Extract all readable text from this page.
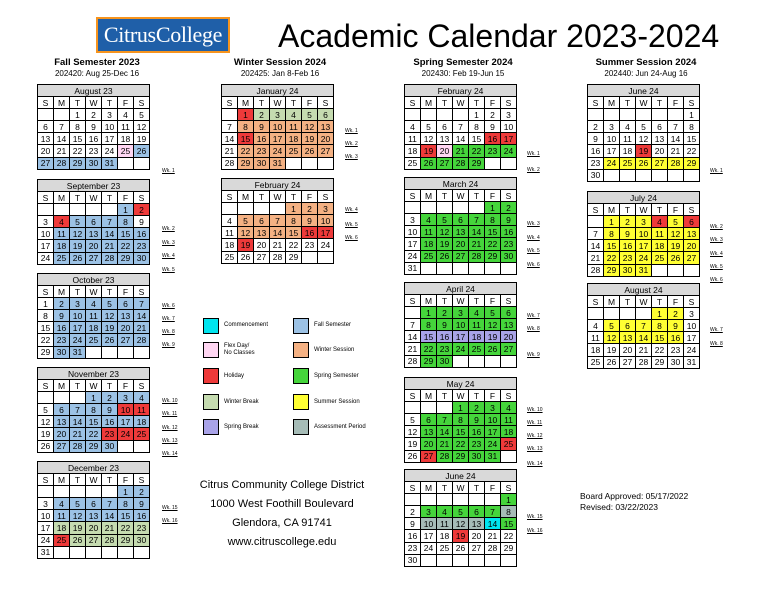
CitrusCollege Academic Calendar 2023-2024
Fall Semester 2023
202420: Aug 25-Dec 16
Winter Session 2024
202425: Jan 8-Feb 16
Spring Semester 2024
202430: Feb 19-Jun 15
Summer Session 2024
202440: Jun 24-Aug 16
August 23						
S	M	T	W	T	F	S
		1	2	3	4	5
6	7	8	9	10	11	12
13	14	15	16	17	18	19
20	21	22	23	24	25	26
27	28	29	30	31		
September 23						
S	M	T	W	T	F	S
					1	2
3	4	5	6	7	8	9
10	11	12	13	14	15	16
17	18	19	20	21	22	23
24	25	26	27	28	29	30
October 23						
S	M	T	W	T	F	S
1	2	3	4	5	6	7
8	9	10	11	12	13	14
15	16	17	18	19	20	21
22	23	24	25	26	27	28
29	30	31				
November 23						
S	M	T	W	T	F	S
			1	2	3	4
5	6	7	8	9	10	11
12	13	14	15	16	17	18
19	20	21	22	23	24	25
26	27	28	29	30		
December 23						
S	M	T	W	T	F	S
					1	2
3	4	5	6	7	8	9
10	11	12	13	14	15	16
17	18	19	20	21	22	23
24	25	26	27	28	29	30
31						
January 24						
S	M	T	W	T	F	S
	1	2	3	4	5	6
7	8	9	10	11	12	13
14	15	16	17	18	19	20
21	22	23	24	25	26	27
28	29	30	31			
February 24						
S	M	T	W	T	F	S
				1	2	3
4	5	6	7	8	9	10
11	12	13	14	15	16	17
18	19	20	21	22	23	24
25	26	27	28	29		
February 24						
S	M	T	W	T	F	S
				1	2	3
4	5	6	7	8	9	10
11	12	13	14	15	16	17
18	19	20	21	22	23	24
25	26	27	28	29		
March 24						
S	M	T	W	T	F	S
					1	2
3	4	5	6	7	8	9
10	11	12	13	14	15	16
17	18	19	20	21	22	23
24	25	26	27	28	29	30
31						
April 24						
S	M	T	W	T	F	S
	1	2	3	4	5	6
7	8	9	10	11	12	13
14	15	16	17	18	19	20
21	22	23	24	25	26	27
28	29	30				
May 24						
S	M	T	W	T	F	S
			1	2	3	4
5	6	7	8	9	10	11
12	13	14	15	16	17	18
19	20	21	22	23	24	25
26	27	28	29	30	31	
June 24						
S	M	T	W	T	F	S
						1
2	3	4	5	6	7	8
9	10	11	12	13	14	15
16	17	18	19	20	21	22
23	24	25	26	27	28	29
30						
June 24						
S	M	T	W	T	F	S
						1
2	3	4	5	6	7	8
9	10	11	12	13	14	15
16	17	18	19	20	21	22
23	24	25	26	27	28	29
30						
July 24						
S	M	T	W	T	F	S
	1	2	3	4	5	6
7	8	9	10	11	12	13
14	15	16	17	18	19	20
21	22	23	24	25	26	27
28	29	30	31			
August 24						
S	M	T	W	T	F	S
				1	2	3
4	5	6	7	8	9	10
11	12	13	14	15	16	17
18	19	20	21	22	23	24
25	26	27	28	29	30	31
Wk. 1
Wk. 2
Wk. 3
Wk. 4
Wk. 5
Wk. 6
Wk. 7
Wk. 8
Wk. 9
Wk. 10
Wk. 11
Wk. 12
Wk. 13
Wk. 14
Wk. 15
Wk. 16
Wk. 1
Wk. 2
Wk. 3
Wk. 4
Wk. 5
Wk. 6
Wk. 1
Wk. 2
Wk. 3
Wk. 4
Wk. 5
Wk. 6
Wk. 7
Wk. 8
Wk. 9
Wk. 10
Wk. 11
Wk. 12
Wk. 13
Wk. 14
Wk. 15
Wk. 16
Wk. 1
Wk. 2
Wk. 3
Wk. 4
Wk. 5
Wk. 6
Wk. 7
Wk. 8
Commencement	Fall Semester
Flex Day/
No Classes	Winter Session
Holiday	Spring Semester
Winter Break	Summer Session
Spring Break	Assessment Period
Citrus Community College District
1000 West Foothill Boulevard
Glendora, CA 91741
www.citruscollege.edu
Board Approved: 05/17/2022
Revised: 03/22/2023
